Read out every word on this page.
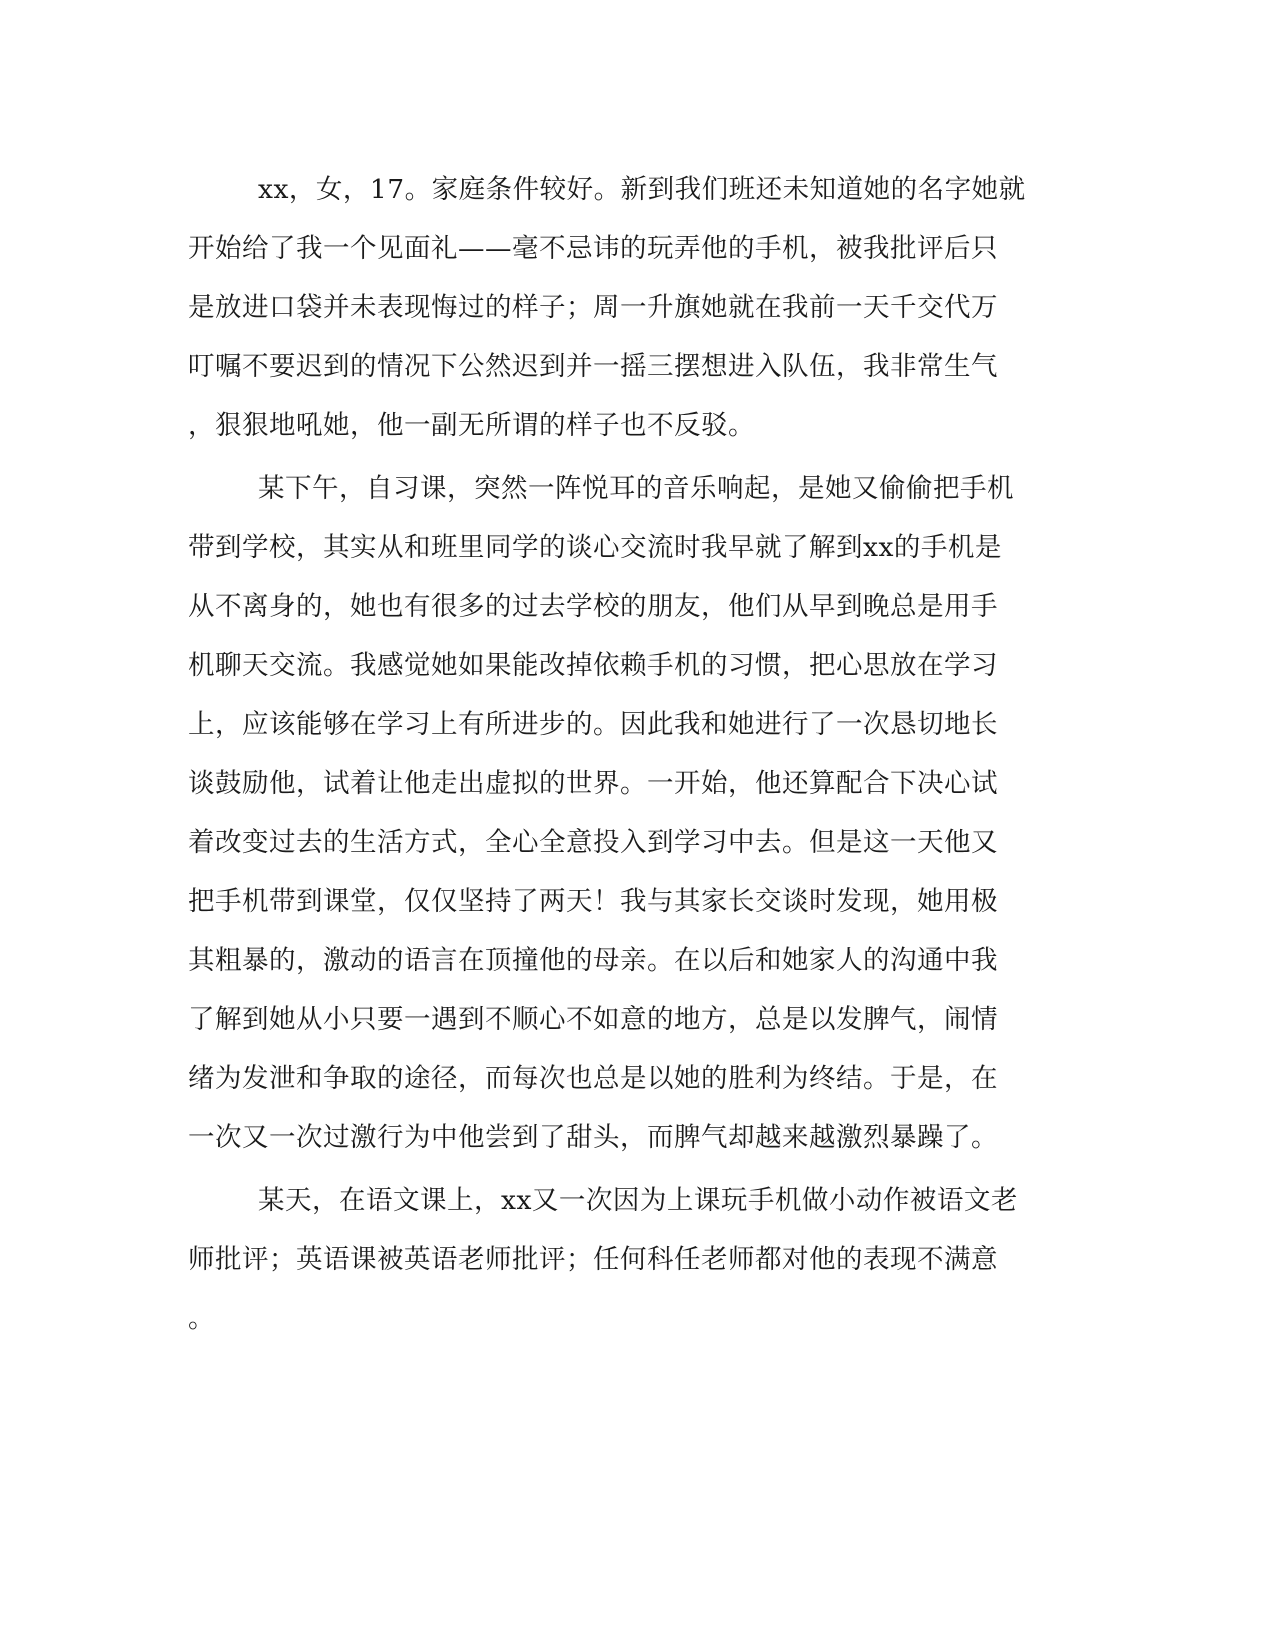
xx，女，17。家庭条件较好。新到我们班还未知道她的名字她就
开始给了我一个见面礼——毫不忌讳的玩弄他的手机，被我批评后只
是放进口袋并未表现悔过的样子；周一升旗她就在我前一天千交代万
叮嘱不要迟到的情况下公然迟到并一摇三摆想进入队伍，我非常生气
，狠狠地吼她，他一副无所谓的样子也不反驳。
某下午，自习课，突然一阵悦耳的音乐响起，是她又偷偷把手机
带到学校，其实从和班里同学的谈心交流时我早就了解到xx的手机是
从不离身的，她也有很多的过去学校的朋友，他们从早到晚总是用手
机聊天交流。我感觉她如果能改掉依赖手机的习惯，把心思放在学习
上，应该能够在学习上有所进步的。因此我和她进行了一次恳切地长
谈鼓励他，试着让他走出虚拟的世界。一开始，他还算配合下决心试
着改变过去的生活方式，全心全意投入到学习中去。但是这一天他又
把手机带到课堂，仅仅坚持了两天！我与其家长交谈时发现，她用极
其粗暴的，激动的语言在顶撞他的母亲。在以后和她家人的沟通中我
了解到她从小只要一遇到不顺心不如意的地方，总是以发脾气，闹情
绪为发泄和争取的途径，而每次也总是以她的胜利为终结。于是，在
一次又一次过激行为中他尝到了甜头，而脾气却越来越激烈暴躁了。
某天，在语文课上，xx又一次因为上课玩手机做小动作被语文老
师批评；英语课被英语老师批评；任何科任老师都对他的表现不满意
。
